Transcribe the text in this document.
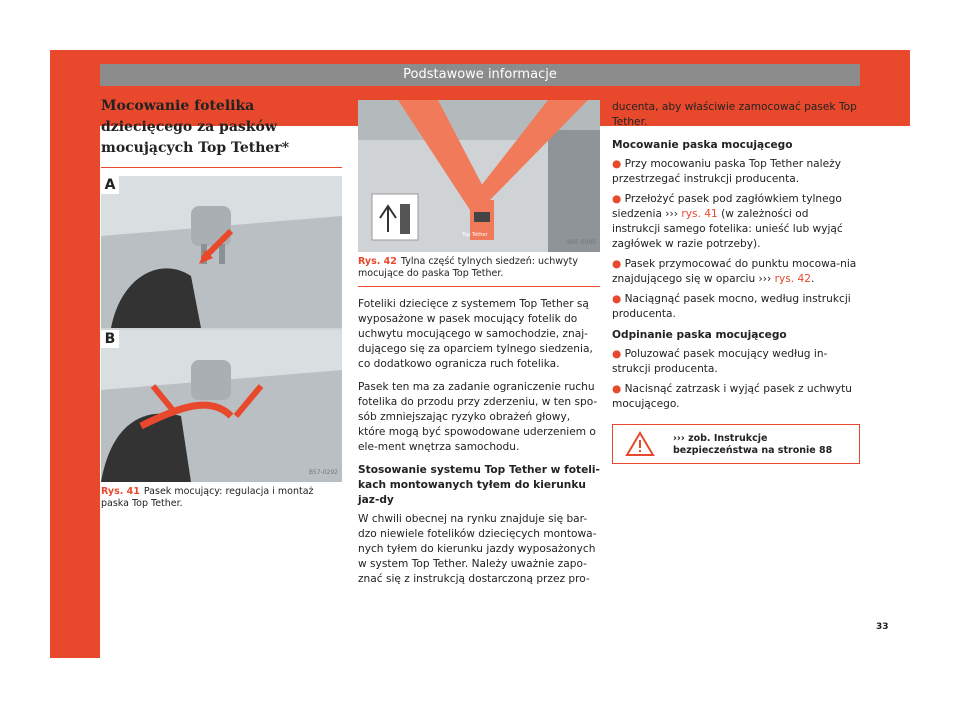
Podstawowe informacje
Mocowanie fotelika dziecięcego za pasków mocujących Top Tether*
A
B
B57-0292
Rys. 41 Pasek mocujący: regulacja i montaż paska Top Tether.
Top Tether
B6F-0095
Rys. 42 Tylna część tylnych siedzeń: uchwyty mocujące do paska Top Tether.

Foteliki dziecięce z systemem Top Tether są wyposażone w pasek mocujący fotelik do uchwytu mocującego w samochodzie, znaj-dującego się za oparciem tylnego siedzenia, co dodatkowo ogranicza ruch fotelika.

Pasek ten ma za zadanie ograniczenie ruchu fotelika do przodu przy zderzeniu, w ten spo-sób zmniejszając ryzyko obrażeń głowy, które mogą być spowodowane uderzeniem o ele-ment wnętrza samochodu.

Stosowanie systemu Top Tether w foteli-kach montowanych tyłem do kierunku jaz-dy

W chwili obecnej na rynku znajduje się bar-dzo niewiele fotelików dziecięcych montowa-nych tyłem do kierunku jazdy wyposażonych w system Top Tether. Należy uważnie zapo-znać się z instrukcją dostarczoną przez pro-

ducenta, aby właściwie zamocować pasek Top Tether.

Mocowanie paska mocującego
● Przy mocowaniu paska Top Tether należy przestrzegać instrukcji producenta.
● Przełożyć pasek pod zagłówkiem tylnego siedzenia ››› rys. 41 (w zależności od instrukcji samego fotelika: unieść lub wyjąć zagłówek w razie potrzeby).
● Pasek przymocować do punktu mocowa-nia znajdującego się w oparciu ››› rys. 42.
● Naciągnąć pasek mocno, według instrukcji producenta.
Odpinanie paska mocującego
● Poluzować pasek mocujący według in-strukcji producenta.
● Nacisnąć zatrzask i wyjąć pasek z uchwytu mocującego.
››› zob. Instrukcje bezpieczeństwa na stronie 88
33
